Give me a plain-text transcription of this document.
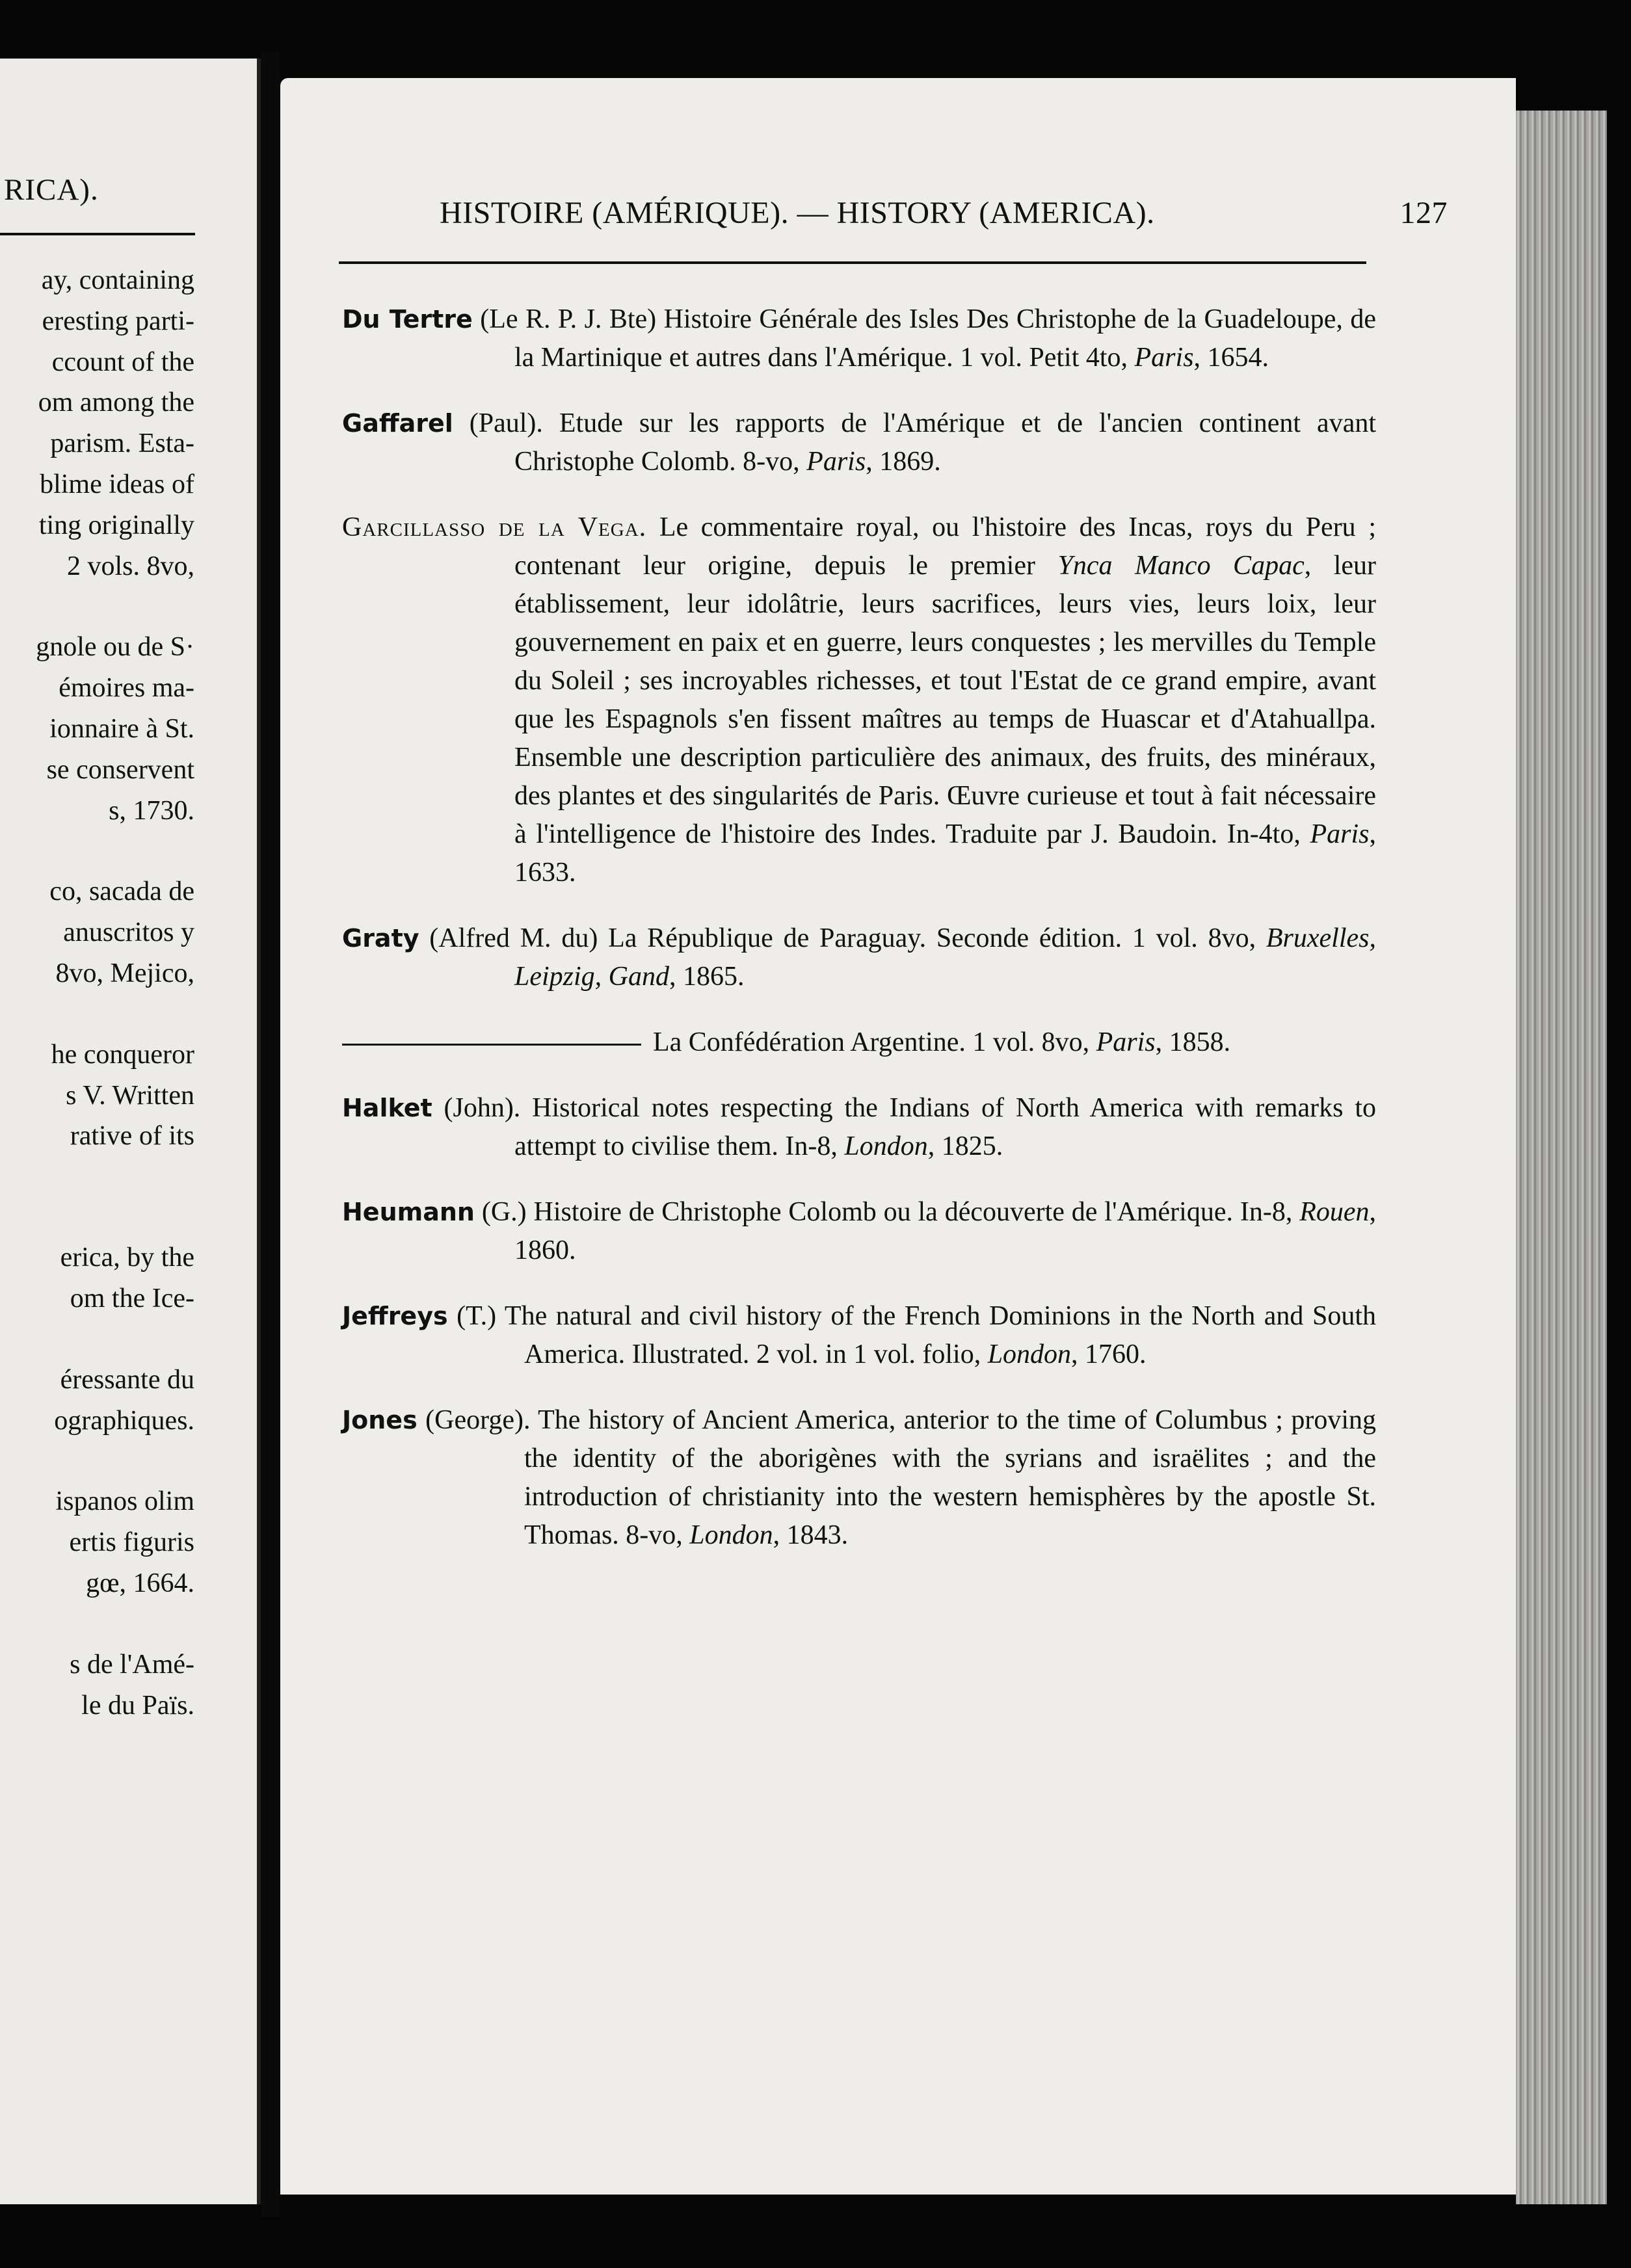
RICA).
ay, containing
eresting parti-
ccount of the
om among the
parism. Esta-
blime ideas of
ting originally
2 vols. 8vo,

gnole ou de S·
émoires ma-
ionnaire à St.
se conservent
s, 1730.

co, sacada de
anuscritos y
8vo, Mejico,

he conqueror
s V. Written
rative of its

erica, by the
om the Ice-

éressante du
ographiques.

ispanos olim
ertis figuris
gœ, 1664.

s de l'Amé-
le du Païs.
HISTOIRE (AMÉRIQUE). — HISTORY (AMERICA).	127

Du Tertre (Le R. P. J. Bte) Histoire Générale des Isles Des Christophe de la Guadeloupe, de la Martinique et autres dans l'Amérique. 1 vol. Petit 4to, Paris, 1654.

Gaffarel (Paul). Etude sur les rapports de l'Amérique et de l'ancien continent avant Christophe Colomb. 8-vo, Paris, 1869.

Garcillasso de la Vega. Le commentaire royal, ou l'histoire des Incas, roys du Peru ; contenant leur origine, depuis le premier Ynca Manco Capac, leur établissement, leur idolâtrie, leurs sacrifices, leurs vies, leurs loix, leur gouvernement en paix et en guerre, leurs conquestes ; les mervilles du Temple du Soleil ; ses incroyables richesses, et tout l'Estat de ce grand empire, avant que les Espagnols s'en fissent maîtres au temps de Huascar et d'Atahuallpa. Ensemble une description particulière des animaux, des fruits, des minéraux, des plantes et des singularités de Paris. Œuvre curieuse et tout à fait nécessaire à l'intelligence de l'histoire des Indes. Traduite par J. Baudoin. In-4to, Paris, 1633.

Graty (Alfred M. du) La République de Paraguay. Seconde édition. 1 vol. 8vo, Bruxelles, Leipzig, Gand, 1865.

La Confédération Argentine. 1 vol. 8vo, Paris, 1858.

Halket (John). Historical notes respecting the Indians of North America with remarks to attempt to civilise them. In-8, London, 1825.

Heumann (G.) Histoire de Christophe Colomb ou la découverte de l'Amérique. In-8, Rouen, 1860.

Jeffreys (T.) The natural and civil history of the French Dominions in the North and South America. Illustrated. 2 vol. in 1 vol. folio, London, 1760.

Jones (George). The history of Ancient America, anterior to the time of Columbus ; proving the identity of the aborigènes with the syrians and israëlites ; and the introduction of christianity into the western hemisphères by the apostle St. Thomas. 8-vo, London, 1843.
